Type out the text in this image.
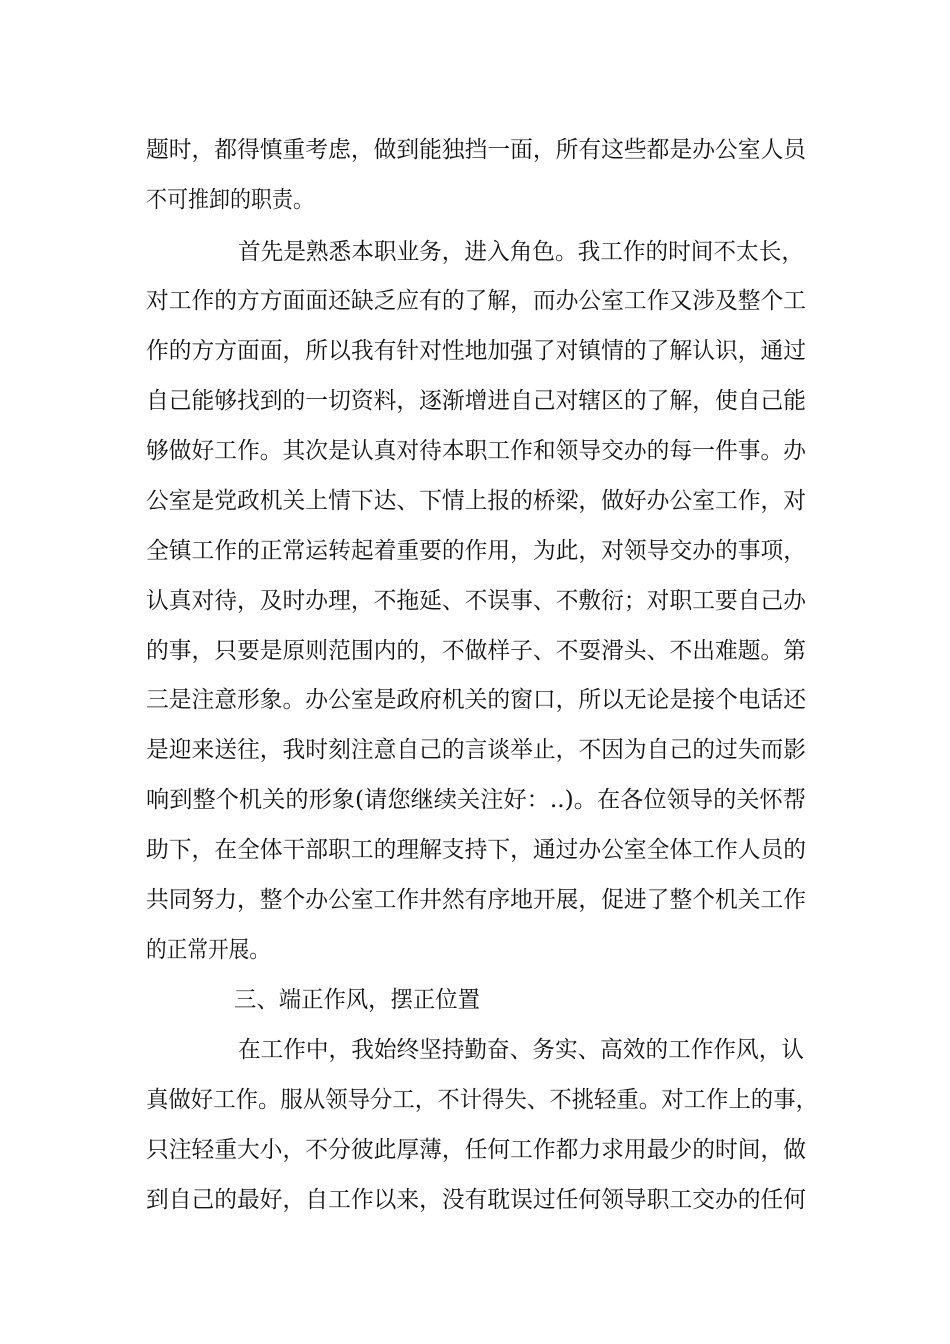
题时，都得慎重考虑，做到能独挡一面，所有这些都是办公室人员
不可推卸的职责。
首先是熟悉本职业务，进入角色。我工作的时间不太长，
对工作的方方面面还缺乏应有的了解，而办公室工作又涉及整个工
作的方方面面，所以我有针对性地加强了对镇情的了解认识，通过
自己能够找到的一切资料，逐渐增进自己对辖区的了解，使自己能
够做好工作。其次是认真对待本职工作和领导交办的每一件事。办
公室是党政机关上情下达、下情上报的桥梁，做好办公室工作，对
全镇工作的正常运转起着重要的作用，为此，对领导交办的事项，
认真对待，及时办理，不拖延、不误事、不敷衍；对职工要自己办
的事，只要是原则范围内的，不做样子、不耍滑头、不出难题。第
三是注意形象。办公室是政府机关的窗口，所以无论是接个电话还
是迎来送往，我时刻注意自己的言谈举止，不因为自己的过失而影
响到整个机关的形象(请您继续关注好：..)。在各位领导的关怀帮
助下，在全体干部职工的理解支持下，通过办公室全体工作人员的
共同努力，整个办公室工作井然有序地开展，促进了整个机关工作
的正常开展。
三、端正作风，摆正位置
在工作中，我始终坚持勤奋、务实、高效的工作作风，认
真做好工作。服从领导分工，不计得失、不挑轻重。对工作上的事，
只注轻重大小，不分彼此厚薄，任何工作都力求用最少的时间，做
到自己的最好，自工作以来，没有耽误过任何领导职工交办的任何
